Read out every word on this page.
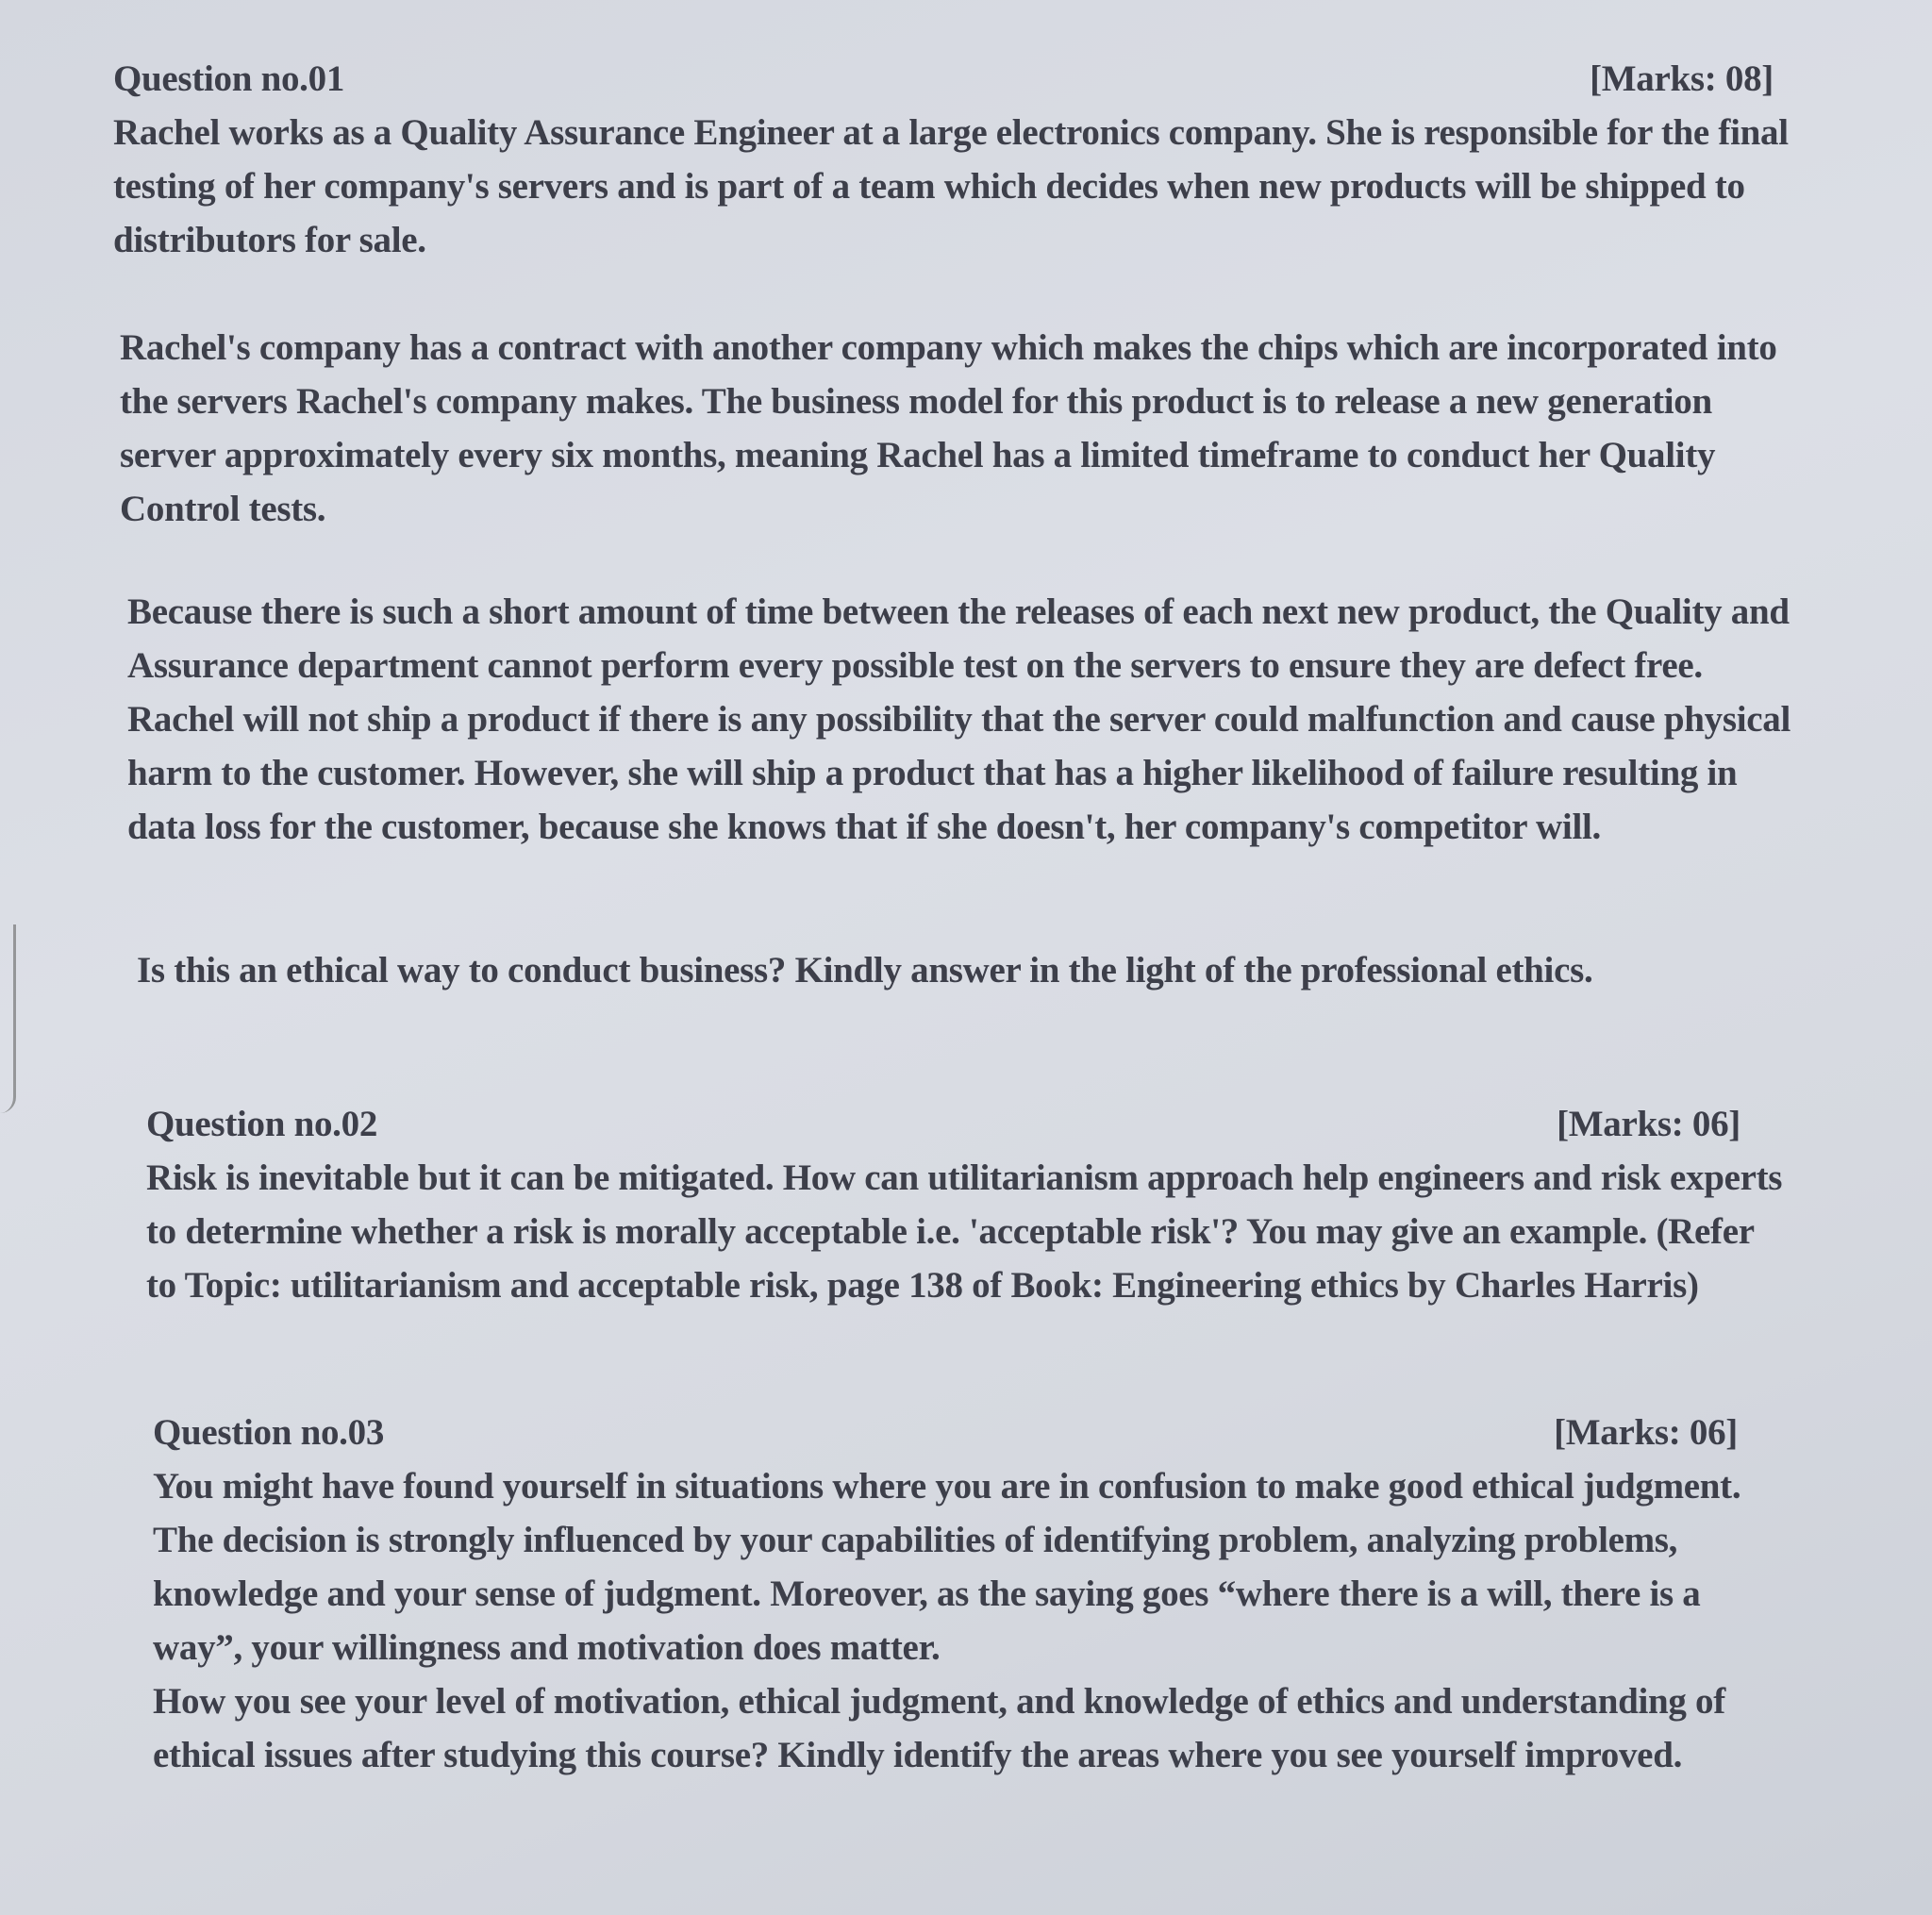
Question no.01	[Marks: 08]

Rachel works as a Quality Assurance Engineer at a large electronics company. She is responsible for the final testing of her company's servers and is part of a team which decides when new products will be shipped to distributors for sale.

Rachel's company has a contract with another company which makes the chips which are incorporated into the servers Rachel's company makes. The business model for this product is to release a new generation server approximately every six months, meaning Rachel has a limited timeframe to conduct her Quality Control tests.

Because there is such a short amount of time between the releases of each next new product, the Quality and Assurance department cannot perform every possible test on the servers to ensure they are defect free. Rachel will not ship a product if there is any possibility that the server could malfunction and cause physical harm to the customer. However, she will ship a product that has a higher likelihood of failure resulting in data loss for the customer, because she knows that if she doesn't, her company's competitor will.

Is this an ethical way to conduct business? Kindly answer in the light of the professional ethics.

Question no.02	[Marks: 06]

Risk is inevitable but it can be mitigated. How can utilitarianism approach help engineers and risk experts to determine whether a risk is morally acceptable i.e. 'acceptable risk'? You may give an example. (Refer to Topic: utilitarianism and acceptable risk, page 138 of Book: Engineering ethics by Charles Harris)

Question no.03	[Marks: 06]

You might have found yourself in situations where you are in confusion to make good ethical judgment. The decision is strongly influenced by your capabilities of identifying problem, analyzing problems, knowledge and your sense of judgment. Moreover, as the saying goes “where there is a will, there is a way”, your willingness and motivation does matter.

How you see your level of motivation, ethical judgment, and knowledge of ethics and understanding of ethical issues after studying this course? Kindly identify the areas where you see yourself improved.
